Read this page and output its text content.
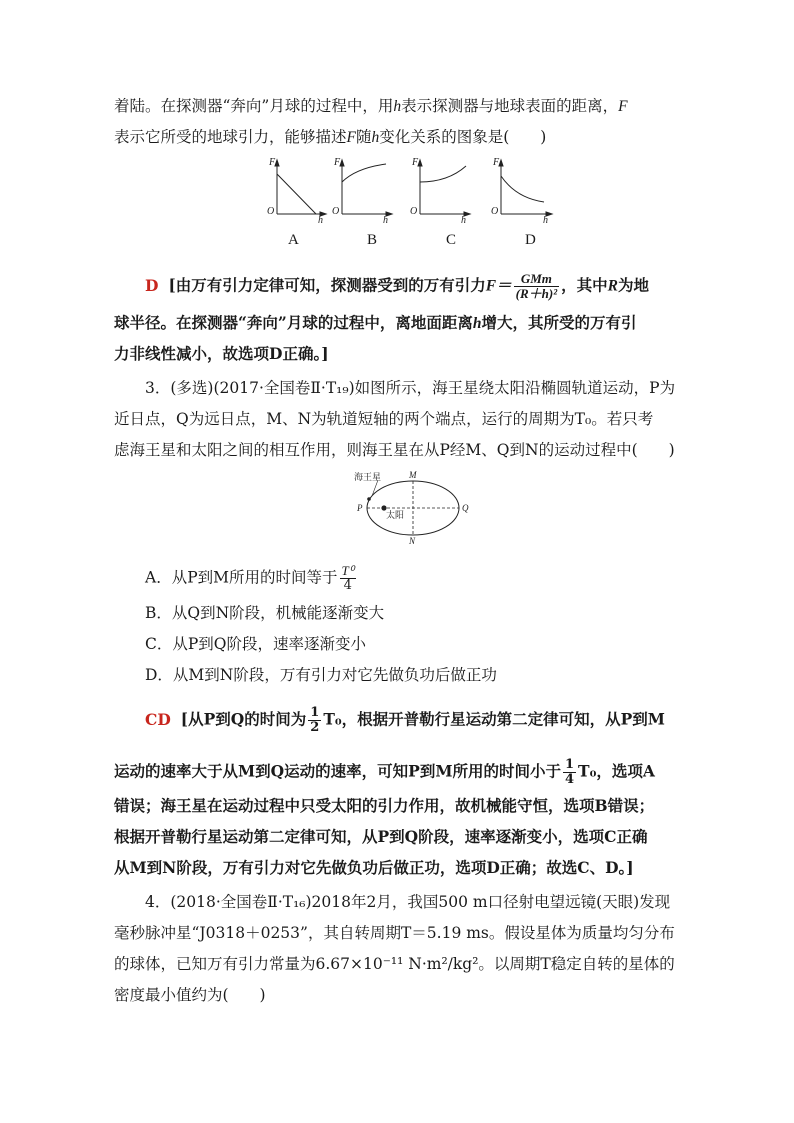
着陆。在探测器“奔向”月球的过程中，用h表示探测器与地球表面的距离，F
表示它所受的地球引力，能够描述F随h变化关系的图象是(　　)
F
O
h
F
O
h
F
O
h
F
O
h
A	B	C	D
D [由万有引力定律可知，探测器受到的万有引力$F= \frac{\text{GMm}}{\text{(R＋h)²}}$ ，其中R为地
球半径。在探测器“奔向”月球的过程中，离地面距离h增大，其所受的万有引
力非线性减小，故选项D正确。]
3．(多选)(2017·全国卷Ⅱ·T₁₉)如图所示，海王星绕太阳沿椭圆轨道运动，P为
近日点，Q为远日点，M、N为轨道短轴的两个端点，运行的周期为T₀。若只考
虑海王星和太阳之间的相互作用，则海王星在从P经M、Q到N的运动过程中(　　)
海王星
太阳
P	Q
M
N
A．从P到M所用的时间等于 $\frac{\text{T⁰}}{4}$
B．从Q到N阶段，机械能逐渐变大
C．从P到Q阶段，速率逐渐变小
D．从M到N阶段，万有引力对它先做负功后做正功
CD [从P到Q的时间为 $\frac{1}{2} T_0$，根据开普勒行星运动第二定律可知，从P到M
运动的速率大于从M到Q运动的速率，可知P到M所用的时间小于 $\frac{1}{4} T_0$，选项A
错误；海王星在运动过程中只受太阳的引力作用，故机械能守恒，选项B错误；
根据开普勒行星运动第二定律可知，从P到Q阶段，速率逐渐变小，选项C正确
从M到N阶段，万有引力对它先做负功后做正功，选项D正确；故选C、D。]
4．(2018·全国卷Ⅱ·T₁₆)2018年2月，我国500 m口径射电望远镜(天眼)发现
毫秒脉冲星“J0318＋0253”，其自转周期T＝5.19 ms。假设星体为质量均匀分布
的球体，已知万有引力常量为6.67×10⁻¹¹ N·m²/kg²。以周期T稳定自转的星体的
密度最小值约为(　　)
